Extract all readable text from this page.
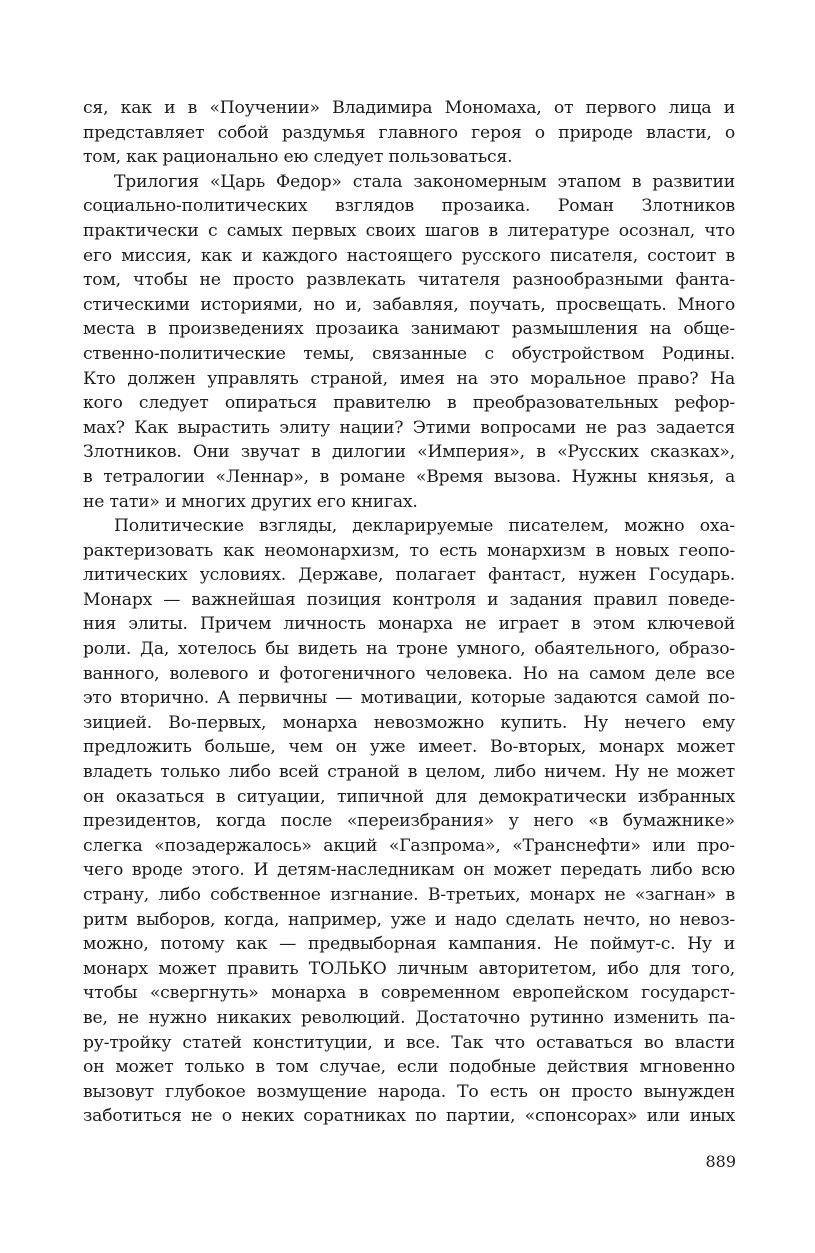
ся, как и в «Поучении» Владимира Мономаха, от первого лица и
представляет собой раздумья главного героя о природе власти, о
том, как рационально ею следует пользоваться.
Трилогия «Царь Федор» стала закономерным этапом в развитии
социально-политических взглядов прозаика. Роман Злотников
практически с самых первых своих шагов в литературе осознал, что
его миссия, как и каждого настоящего русского писателя, состоит в
том, чтобы не просто развлекать читателя разнообразными фанта-
стическими историями, но и, забавляя, поучать, просвещать. Много
места в произведениях прозаика занимают размышления на обще-
ственно-политические темы, связанные с обустройством Родины.
Кто должен управлять страной, имея на это моральное право? На
кого следует опираться правителю в преобразовательных рефор-
мах? Как вырастить элиту нации? Этими вопросами не раз задается
Злотников. Они звучат в дилогии «Империя», в «Русских сказках»,
в тетралогии «Леннар», в романе «Время вызова. Нужны князья, а
не тати» и многих других его книгах.
Политические взгляды, декларируемые писателем, можно оха-
рактеризовать как неомонархизм, то есть монархизм в новых геопо-
литических условиях. Державе, полагает фантаст, нужен Государь.
Монарх — важнейшая позиция контроля и задания правил поведе-
ния элиты. Причем личность монарха не играет в этом ключевой
роли. Да, хотелось бы видеть на троне умного, обаятельного, образо-
ванного, волевого и фотогеничного человека. Но на самом деле все
это вторично. А первичны — мотивации, которые задаются самой по-
зицией. Во-первых, монарха невозможно купить. Ну нечего ему
предложить больше, чем он уже имеет. Во-вторых, монарх может
владеть только либо всей страной в целом, либо ничем. Ну не может
он оказаться в ситуации, типичной для демократически избранных
президентов, когда после «переизбрания» у него «в бумажнике»
слегка «позадержалось» акций «Газпрома», «Транснефти» или про-
чего вроде этого. И детям-наследникам он может передать либо всю
страну, либо собственное изгнание. В-третьих, монарх не «загнан» в
ритм выборов, когда, например, уже и надо сделать нечто, но невоз-
можно, потому как — предвыборная кампания. Не поймут-с. Ну и
монарх может править ТОЛЬКО личным авторитетом, ибо для того,
чтобы «свергнуть» монарха в современном европейском государст-
ве, не нужно никаких революций. Достаточно рутинно изменить па-
ру-тройку статей конституции, и все. Так что оставаться во власти
он может только в том случае, если подобные действия мгновенно
вызовут глубокое возмущение народа. То есть он просто вынужден
заботиться не о неких соратниках по партии, «спонсорах» или иных
889
